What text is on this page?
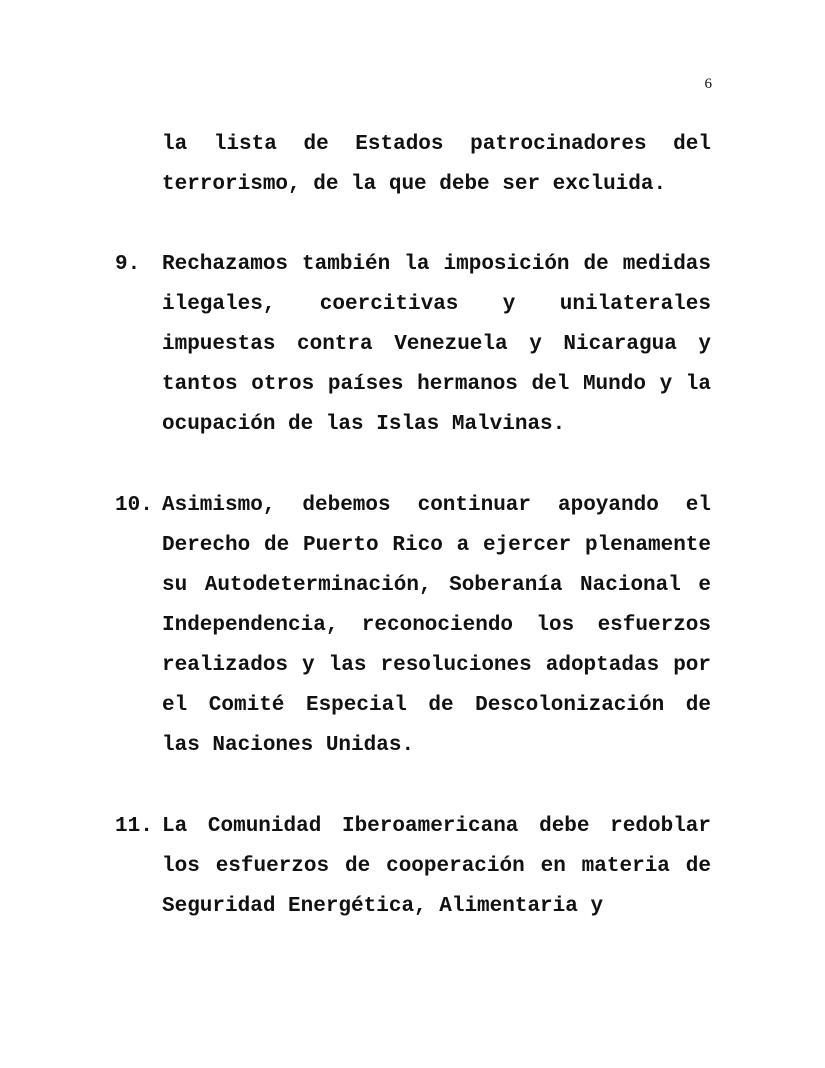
6

la lista de Estados patrocinadores del terrorismo, de la que debe ser excluida.

9. Rechazamos también la imposición de medidas ilegales, coercitivas y unilaterales impuestas contra Venezuela y Nicaragua y tantos otros países hermanos del Mundo y la ocupación de las Islas Malvinas.

10. Asimismo, debemos continuar apoyando el Derecho de Puerto Rico a ejercer plenamente su Autodeterminación, Soberanía Nacional e Independencia, reconociendo los esfuerzos realizados y las resoluciones adoptadas por el Comité Especial de Descolonización de las Naciones Unidas.

11. La Comunidad Iberoamericana debe redoblar los esfuerzos de cooperación en materia de Seguridad Energética, Alimentaria y
